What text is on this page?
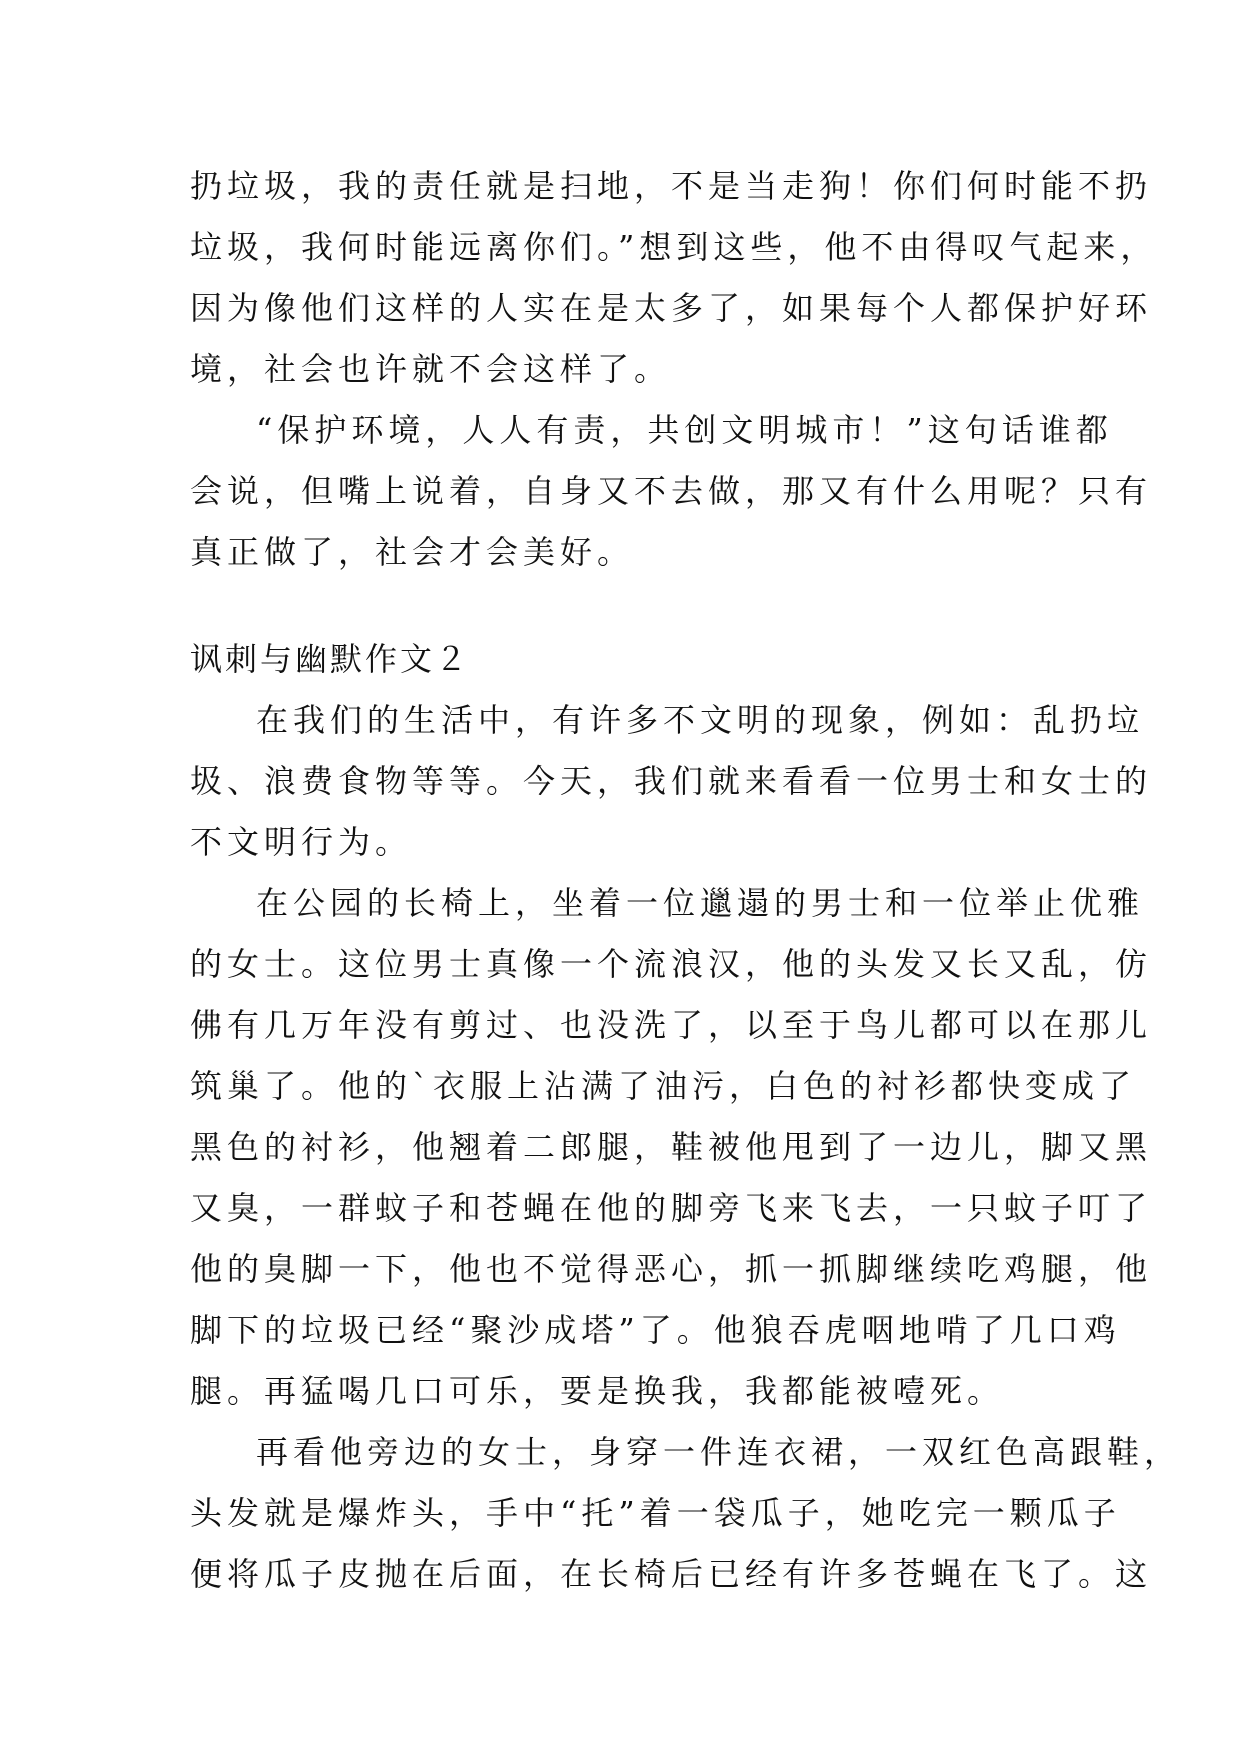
扔垃圾，我的责任就是扫地，不是当走狗！你们何时能不扔
垃圾，我何时能远离你们。”想到这些，他不由得叹气起来，
因为像他们这样的人实在是太多了，如果每个人都保护好环
境，社会也许就不会这样了。
“保护环境，人人有责，共创文明城市！”这句话谁都
会说，但嘴上说着，自身又不去做，那又有什么用呢？只有
真正做了，社会才会美好。
讽刺与幽默作文２
在我们的生活中，有许多不文明的现象，例如：乱扔垃
圾、浪费食物等等。今天，我们就来看看一位男士和女士的
不文明行为。
在公园的长椅上，坐着一位邋遢的男士和一位举止优雅
的女士。这位男士真像一个流浪汉，他的头发又长又乱，仿
佛有几万年没有剪过、也没洗了，以至于鸟儿都可以在那儿
筑巢了。他的`衣服上沾满了油污，白色的衬衫都快变成了
黑色的衬衫，他翘着二郎腿，鞋被他甩到了一边儿，脚又黑
又臭，一群蚊子和苍蝇在他的脚旁飞来飞去，一只蚊子叮了
他的臭脚一下，他也不觉得恶心，抓一抓脚继续吃鸡腿，他
脚下的垃圾已经“聚沙成塔”了。他狼吞虎咽地啃了几口鸡
腿。再猛喝几口可乐，要是换我，我都能被噎死。
再看他旁边的女士，身穿一件连衣裙，一双红色高跟鞋，
头发就是爆炸头，手中“托”着一袋瓜子，她吃完一颗瓜子
便将瓜子皮抛在后面，在长椅后已经有许多苍蝇在飞了。这
